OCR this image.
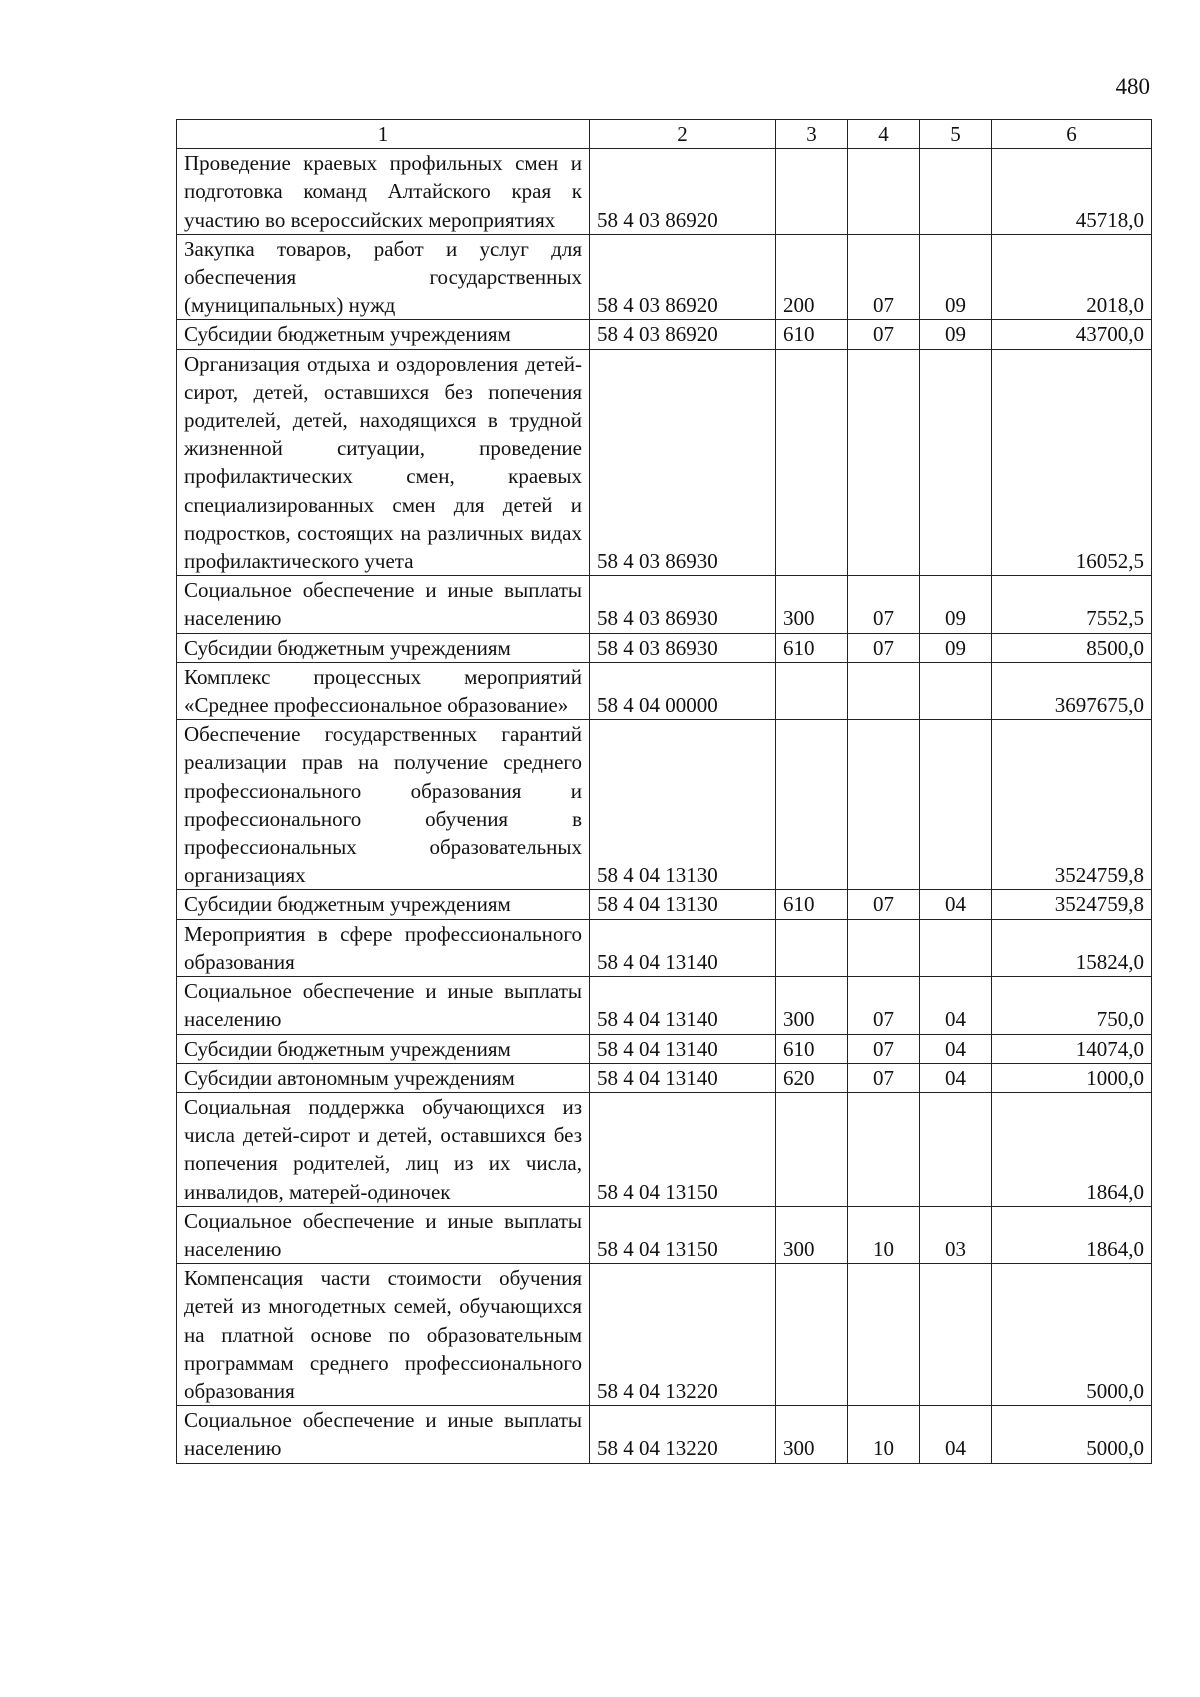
480
1	2	3	4	5	6
Проведение краевых профильных смен и подготовка команд Алтайского края к участию во всероссийских мероприятиях	58 4 03 86920				45718,0
Закупка товаров, работ и услуг для обеспечения государственных (муниципальных) нужд	58 4 03 86920	200	07	09	2018,0
Субсидии бюджетным учреждениям	58 4 03 86920	610	07	09	43700,0
Организация отдыха и оздоровления детей-сирот, детей, оставшихся без попечения родителей, детей, находящихся в трудной жизненной ситуации, проведение профилактических смен, краевых специализированных смен для детей и подростков, состоящих на различных видах профилактического учета	58 4 03 86930				16052,5
Социальное обеспечение и иные выплаты населению	58 4 03 86930	300	07	09	7552,5
Субсидии бюджетным учреждениям	58 4 03 86930	610	07	09	8500,0
Комплекс процессных мероприятий «Среднее профессиональное образование»	58 4 04 00000				3697675,0
Обеспечение государственных гарантий реализации прав на получение среднего профессионального образования и профессионального обучения в профессиональных образовательных организациях	58 4 04 13130				3524759,8
Субсидии бюджетным учреждениям	58 4 04 13130	610	07	04	3524759,8
Мероприятия в сфере профессионального образования	58 4 04 13140				15824,0
Социальное обеспечение и иные выплаты населению	58 4 04 13140	300	07	04	750,0
Субсидии бюджетным учреждениям	58 4 04 13140	610	07	04	14074,0
Субсидии автономным учреждениям	58 4 04 13140	620	07	04	1000,0
Социальная поддержка обучающихся из числа детей-сирот и детей, оставшихся без попечения родителей, лиц из их числа, инвалидов, матерей-одиночек	58 4 04 13150				1864,0
Социальное обеспечение и иные выплаты населению	58 4 04 13150	300	10	03	1864,0
Компенсация части стоимости обучения детей из многодетных семей, обучающихся на платной основе по образовательным программам среднего профессионального образования	58 4 04 13220				5000,0
Социальное обеспечение и иные выплаты населению	58 4 04 13220	300	10	04	5000,0
